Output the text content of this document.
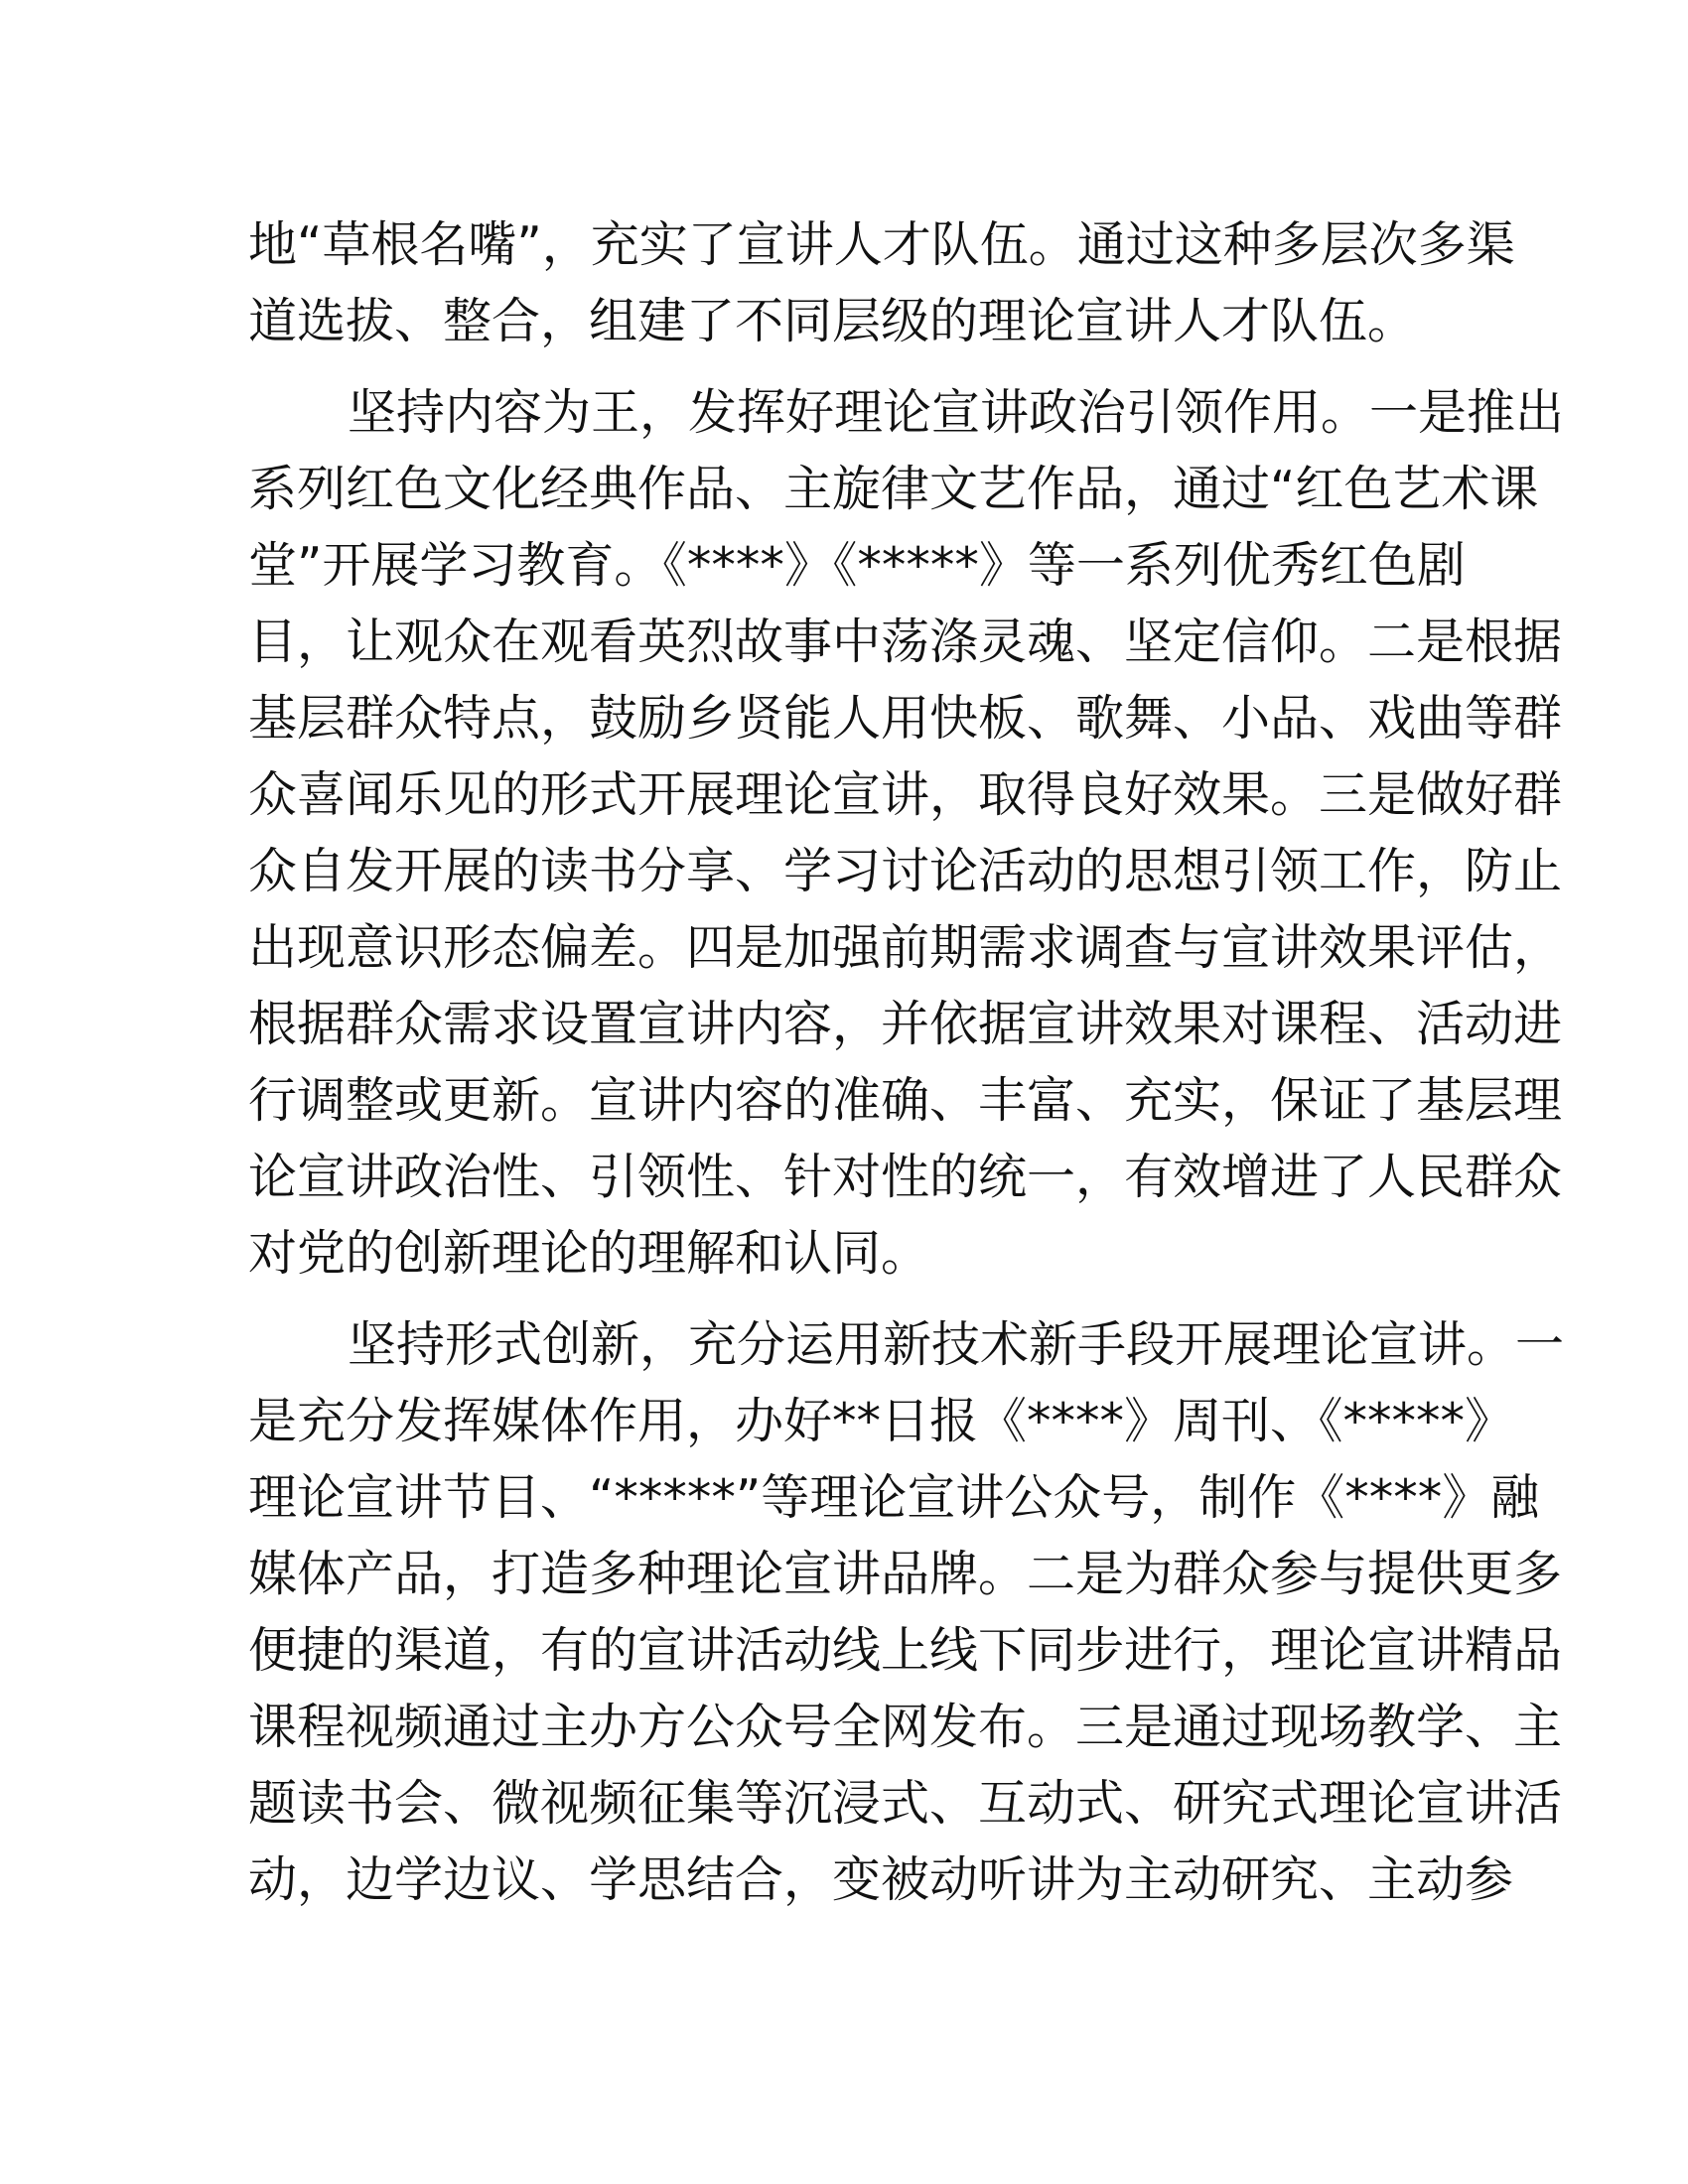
地“草根名嘴”，充实了宣讲人才队伍。通过这种多层次多渠
道选拔、整合，组建了不同层级的理论宣讲人才队伍。
坚持内容为王，发挥好理论宣讲政治引领作用。一是推出
系列红色文化经典作品、主旋律文艺作品，通过“红色艺术课
堂”开展学习教育。《****》《*****》等一系列优秀红色剧
目，让观众在观看英烈故事中荡涤灵魂、坚定信仰。二是根据
基层群众特点，鼓励乡贤能人用快板、歌舞、小品、戏曲等群
众喜闻乐见的形式开展理论宣讲，取得良好效果。三是做好群
众自发开展的读书分享、学习讨论活动的思想引领工作，防止
出现意识形态偏差。四是加强前期需求调查与宣讲效果评估，
根据群众需求设置宣讲内容，并依据宣讲效果对课程、活动进
行调整或更新。宣讲内容的准确、丰富、充实，保证了基层理
论宣讲政治性、引领性、针对性的统一，有效增进了人民群众
对党的创新理论的理解和认同。
坚持形式创新，充分运用新技术新手段开展理论宣讲。一
是充分发挥媒体作用，办好**日报《****》周刊、《*****》
理论宣讲节目、“*****”等理论宣讲公众号，制作《****》融
媒体产品，打造多种理论宣讲品牌。二是为群众参与提供更多
便捷的渠道，有的宣讲活动线上线下同步进行，理论宣讲精品
课程视频通过主办方公众号全网发布。三是通过现场教学、主
题读书会、微视频征集等沉浸式、互动式、研究式理论宣讲活
动，边学边议、学思结合，变被动听讲为主动研究、主动参
